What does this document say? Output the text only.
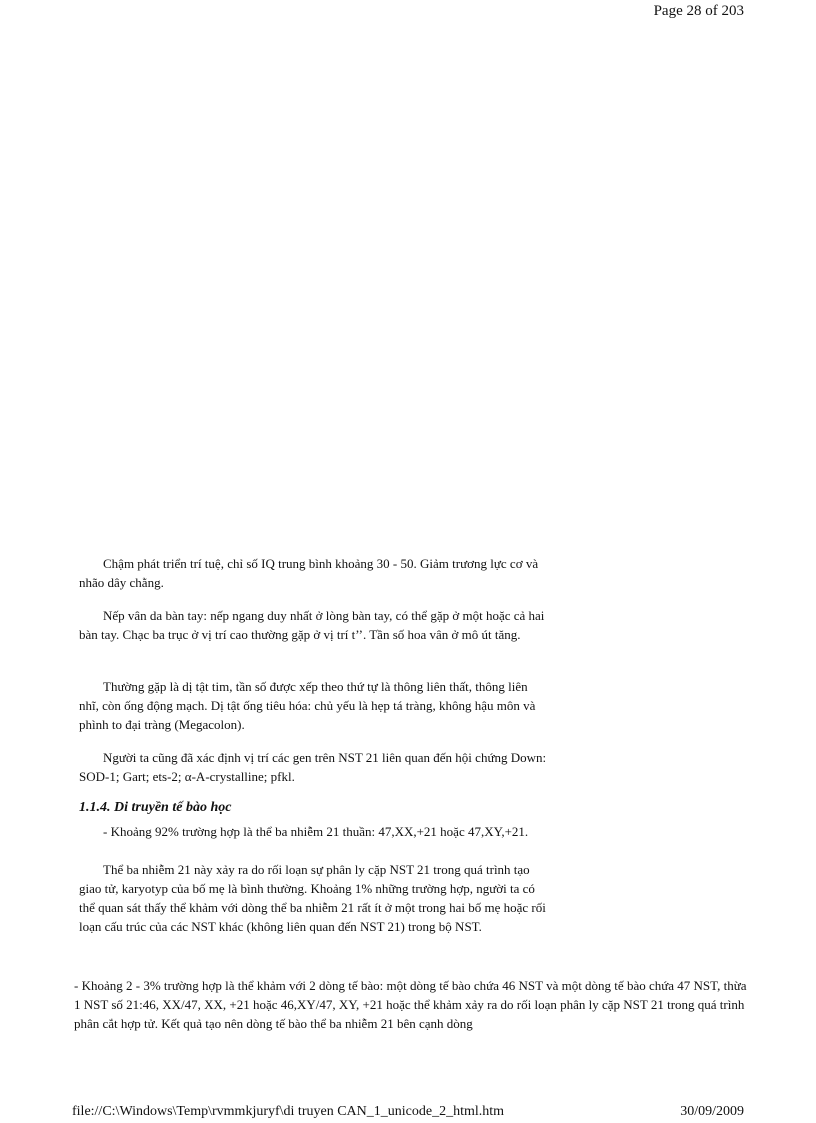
Page 28 of 203
Chậm phát triển trí tuệ, chỉ số IQ trung bình khoảng 30 - 50. Giảm trương lực cơ và nhão dây chằng.
Nếp vân da bàn tay: nếp ngang duy nhất ở lòng bàn tay, có thể gặp ở một hoặc cả hai bàn tay. Chạc ba trục ở vị trí cao thường gặp ở vị trí t’’. Tần số hoa vân ở mô út tăng.
Thường gặp là dị tật tim, tần số được xếp theo thứ tự là thông liên thất, thông liên nhĩ, còn ống động mạch. Dị tật ống tiêu hóa: chủ yếu là hẹp tá tràng, không hậu môn và phình to đại tràng (Megacolon).
Người ta cũng đã xác định vị trí các gen trên NST 21 liên quan đến hội chứng Down: SOD-1; Gart; ets-2; α-A-crystalline; pfkl.
1.1.4. Di truyền tế bào học
- Khoảng 92% trường hợp là thể ba nhiễm 21 thuần: 47,XX,+21 hoặc 47,XY,+21.
Thể ba nhiễm 21 này xảy ra do rối loạn sự phân ly cặp NST 21 trong quá trình tạo giao tử, karyotyp của bố mẹ là bình thường. Khoảng 1% những trường hợp, người ta có thể quan sát thấy thể khảm với dòng thể ba nhiễm 21 rất ít ở một trong hai bố mẹ hoặc rối loạn cấu trúc của các NST khác (không liên quan đến NST 21) trong bộ NST.
- Khoảng 2 - 3% trường hợp là thể khảm với 2 dòng tế bào: một dòng tế bào chứa 46 NST và một dòng tế bào chứa 47 NST, thừa 1 NST số 21:46, XX/47, XX, +21 hoặc 46,XY/47, XY, +21 hoặc thể khảm xảy ra do rối loạn phân ly cặp NST 21 trong quá trình phân cắt hợp tử. Kết quả tạo nên dòng tế bào thể ba nhiễm 21 bên cạnh dòng
file://C:\Windows\Temp\rvmmkjuryf\di truyen CAN_1_unicode_2_html.htm	30/09/2009
